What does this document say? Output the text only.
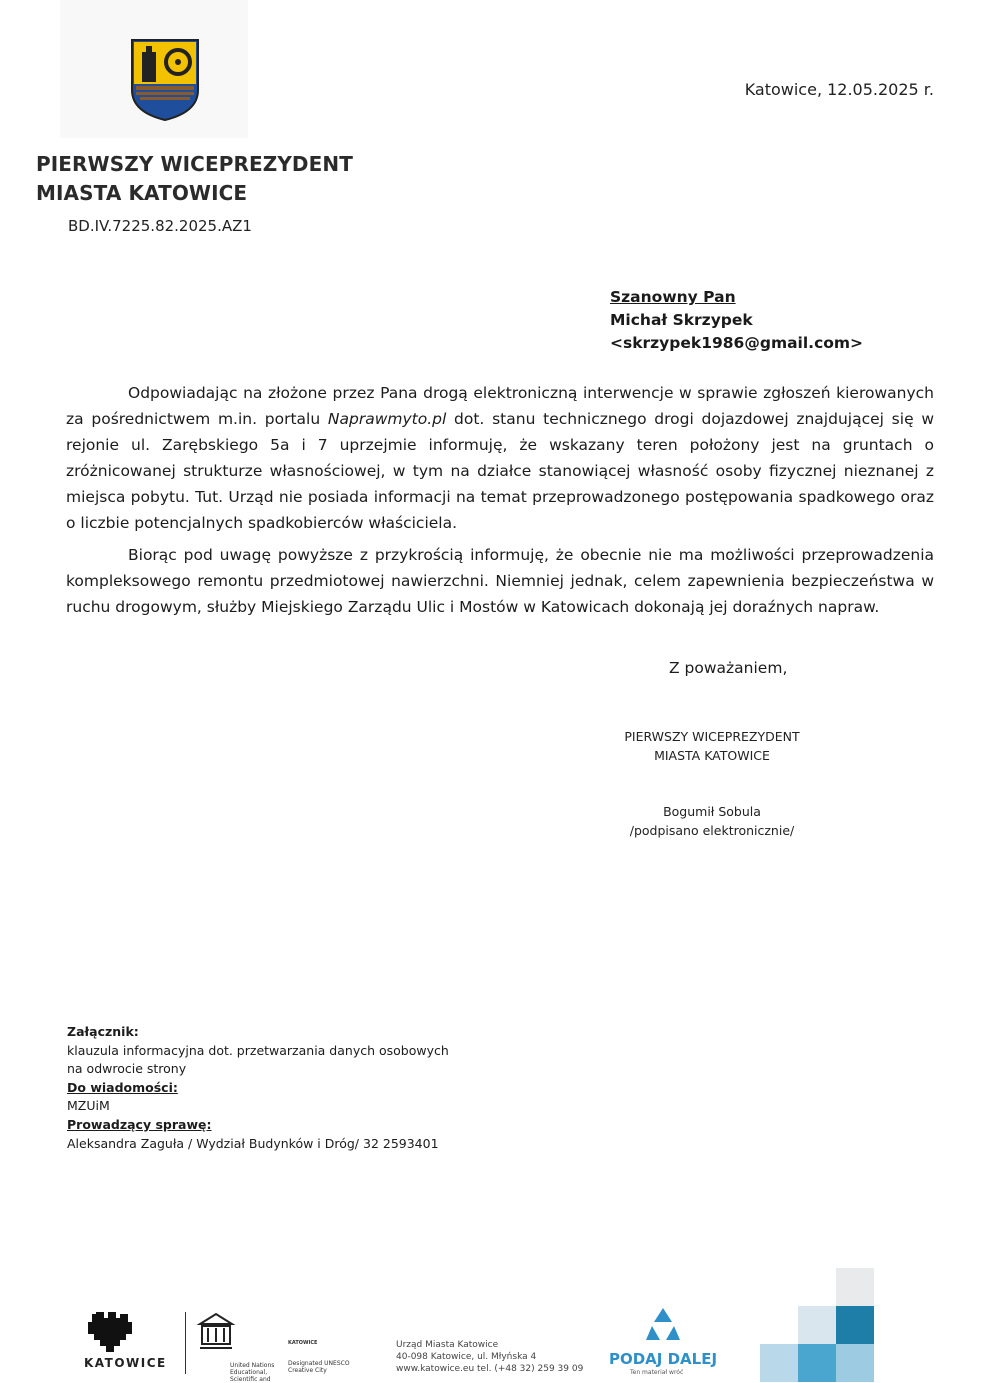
Katowice, 12.05.2025 r.
PIERWSZY WICEPREZYDENT
MIASTA KATOWICE
BD.IV.7225.82.2025.AZ1
Szanowny Pan
Michał Skrzypek
<skrzypek1986@gmail.com>

Odpowiadając na złożone przez Pana drogą elektroniczną interwencje w sprawie zgłoszeń kierowanych za pośrednictwem m.in. portalu Naprawmyto.pl dot. stanu technicznego drogi dojazdowej znajdującej się w rejonie ul. Zarębskiego 5a i 7 uprzejmie informuję, że wskazany teren położony jest na gruntach o zróżnicowanej strukturze własnościowej, w tym na działce stanowiącej własność osoby fizycznej nieznanej z miejsca pobytu. Tut. Urząd nie posiada informacji na temat przeprowadzonego postępowania spadkowego oraz o liczbie potencjalnych spadkobierców właściciela.

Biorąc pod uwagę powyższe z przykrością informuję, że obecnie nie ma możliwości przeprowadzenia kompleksowego remontu przedmiotowej nawierzchni. Niemniej jednak, celem zapewnienia bezpieczeństwa w ruchu drogowym, służby Miejskiego Zarządu Ulic i Mostów w Katowicach dokonają jej doraźnych napraw.

Z poważaniem,
PIERWSZY WICEPREZYDENT
MIASTA KATOWICE
Bogumił Sobula
/podpisano elektronicznie/
Załącznik:
klauzula informacyjna dot. przetwarzania danych osobowych
na odwrocie strony
Do wiadomości:
MZUiM
Prowadzący sprawę:
Aleksandra Zaguła / Wydział Budynków i Dróg/ 32 2593401
KATOWICE	United Nations Educational, Scientific and
KATOWICE
Designated UNESCO Creative City
Urząd Miasta Katowice
40-098 Katowice, ul. Młyńska 4
www.katowice.eu tel. (+48 32) 259 39 09
PODAJ DALEJ
Ten materiał wróć
